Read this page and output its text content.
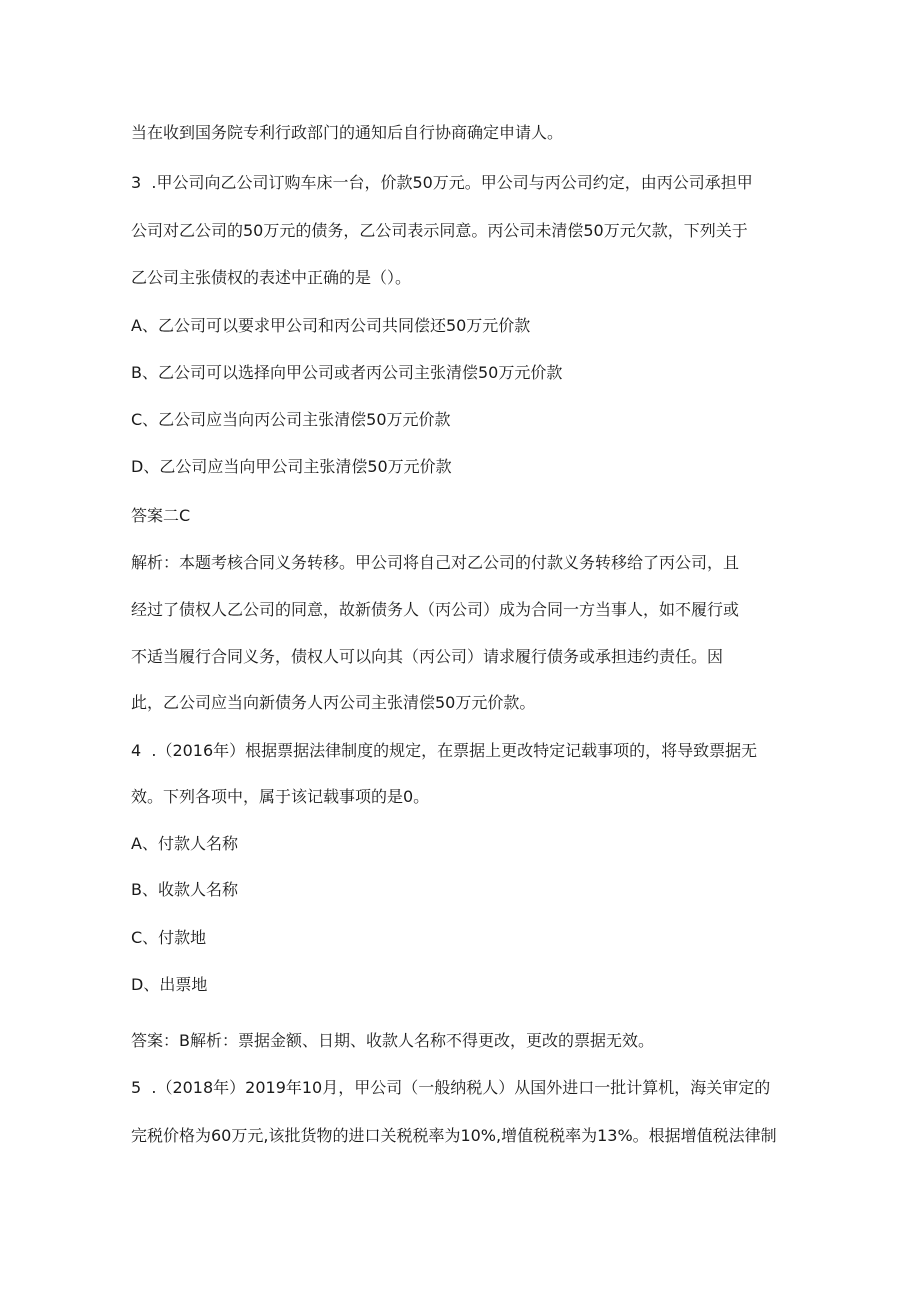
当在收到国务院专利行政部门的通知后自行协商确定申请人。

3  .甲公司向乙公司订购车床一台，价款50万元。甲公司与丙公司约定，由丙公司承担甲

公司对乙公司的50万元的债务，乙公司表示同意。丙公司未清偿50万元欠款，下列关于

乙公司主张债权的表述中正确的是（）。

A、乙公司可以要求甲公司和丙公司共同偿还50万元价款

B、乙公司可以选择向甲公司或者丙公司主张清偿50万元价款

C、乙公司应当向丙公司主张清偿50万元价款

D、乙公司应当向甲公司主张清偿50万元价款

答案二C

解析：本题考核合同义务转移。甲公司将自己对乙公司的付款义务转移给了丙公司，且

经过了债权人乙公司的同意，故新债务人（丙公司）成为合同一方当事人，如不履行或

不适当履行合同义务，债权人可以向其（丙公司）请求履行债务或承担违约责任。因

此，乙公司应当向新债务人丙公司主张清偿50万元价款。

4  .（2016年）根据票据法律制度的规定，在票据上更改特定记载事项的，将导致票据无

效。下列各项中，属于该记载事项的是0。

A、付款人名称

B、收款人名称

C、付款地

D、出票地

答案：B解析：票据金额、日期、收款人名称不得更改，更改的票据无效。

5  .（2018年）2019年10月，甲公司（一般纳税人）从国外进口一批计算机，海关审定的

完税价格为60万元,该批货物的进口关税税率为10%,增值税税率为13%。根据增值税法律制
